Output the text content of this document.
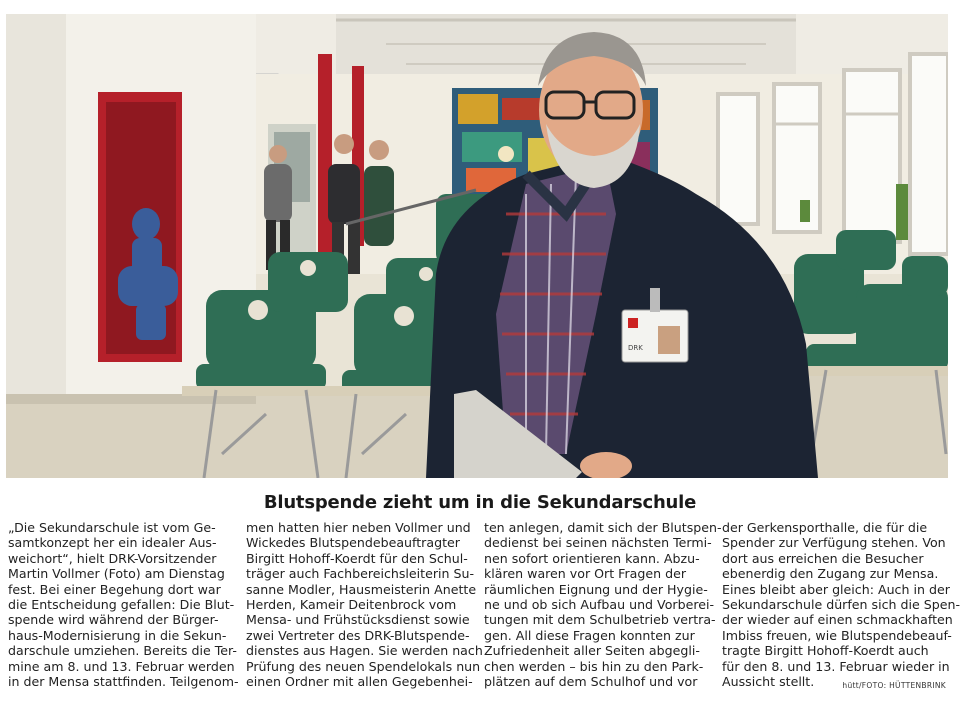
DRK
Blutspende zieht um in die Sekundarschule
„Die Sekundarschule ist vom Ge-
samtkonzept her ein idealer Aus-
weichort“, hielt DRK-Vorsitzender
Martin Vollmer (Foto) am Dienstag
fest. Bei einer Begehung dort war
die Entscheidung gefallen: Die Blut-
spende wird während der Bürger-
haus-Modernisierung in die Sekun-
darschule umziehen. Bereits die Ter-
mine am 8. und 13. Februar werden
in der Mensa stattfinden. Teilgenom-
men hatten hier neben Vollmer und
Wickedes Blutspendebeauftragter
Birgitt Hohoff-Koerdt für den Schul-
träger auch Fachbereichsleiterin Su-
sanne Modler, Hausmeisterin Anette
Herden, Kameir Deitenbrock vom
Mensa- und Frühstücksdienst sowie
zwei Vertreter des DRK-Blutspende-
dienstes aus Hagen. Sie werden nach
Prüfung des neuen Spendelokals nun
einen Ordner mit allen Gegebenhei-
ten anlegen, damit sich der Blutspen-
dedienst bei seinen nächsten Termi-
nen sofort orientieren kann. Abzu-
klären waren vor Ort Fragen der
räumlichen Eignung und der Hygie-
ne und ob sich Aufbau und Vorberei-
tungen mit dem Schulbetrieb vertra-
gen. All diese Fragen konnten zur
Zufriedenheit aller Seiten abgegli-
chen werden – bis hin zu den Park-
plätzen auf dem Schulhof und vor
der Gerkensporthalle, die für die
Spender zur Verfügung stehen. Von
dort aus erreichen die Besucher
ebenerdig den Zugang zur Mensa.
Eines bleibt aber gleich: Auch in der
Sekundarschule dürfen sich die Spen-
der wieder auf einen schmackhaften
Imbiss freuen, wie Blutspendebeauf-
tragte Birgitt Hohoff-Koerdt auch
für den 8. und 13. Februar wieder in
Aussicht stellt.	hütt/FOTO: HÜTTENBRINK
